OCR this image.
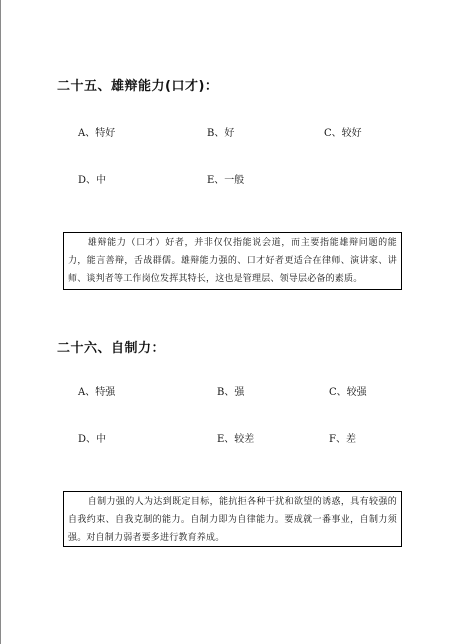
二十五、雄辩能力(口才)：
A、特好	B、好	C、较好
D、中	E、一般

雄辩能力（口才）好者，并非仅仅指能说会道，而主要指能雄辩问题的能力，能言善辩，舌战群儒。雄辩能力强的、口才好者更适合在律师、演讲家、讲师、谈判者等工作岗位发挥其特长，这也是管理层、领导层必备的素质。

二十六、自制力：
A、特强	B、强	C、较强
D、中	E、较差	F、差

自制力强的人为达到既定目标，能抗拒各种干扰和欲望的诱惑，具有较强的自我约束、自我克制的能力。自制力即为自律能力。要成就一番事业，自制力须强。对自制力弱者要多进行教育养成。
